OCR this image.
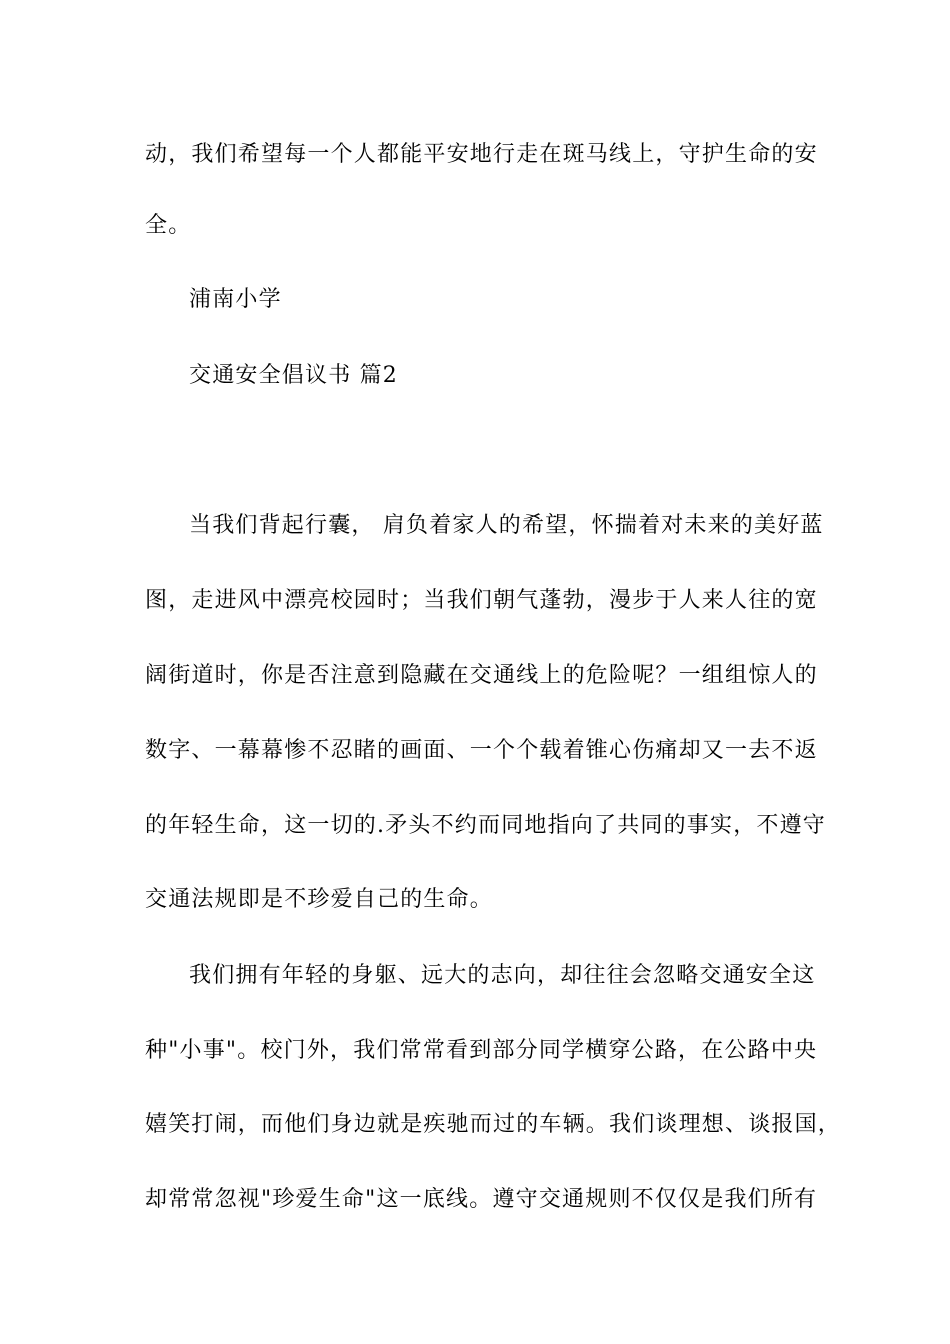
动，我们希望每一个人都能平安地行走在斑马线上，守护生命的安

全。

浦南小学

交通安全倡议书 篇2

当我们背起行囊， 肩负着家人的希望，怀揣着对未来的美好蓝

图，走进风中漂亮校园时；当我们朝气蓬勃，漫步于人来人往的宽

阔街道时，你是否注意到隐藏在交通线上的危险呢？一组组惊人的

数字、一幕幕惨不忍睹的画面、一个个载着锥心伤痛却又一去不返

的年轻生命，这一切的.矛头不约而同地指向了共同的事实，不遵守

交通法规即是不珍爱自己的生命。

我们拥有年轻的身躯、远大的志向，却往往会忽略交通安全这

种"小事"。校门外，我们常常看到部分同学横穿公路，在公路中央

嬉笑打闹，而他们身边就是疾驰而过的车辆。我们谈理想、谈报国，

却常常忽视"珍爱生命"这一底线。遵守交通规则不仅仅是我们所有
